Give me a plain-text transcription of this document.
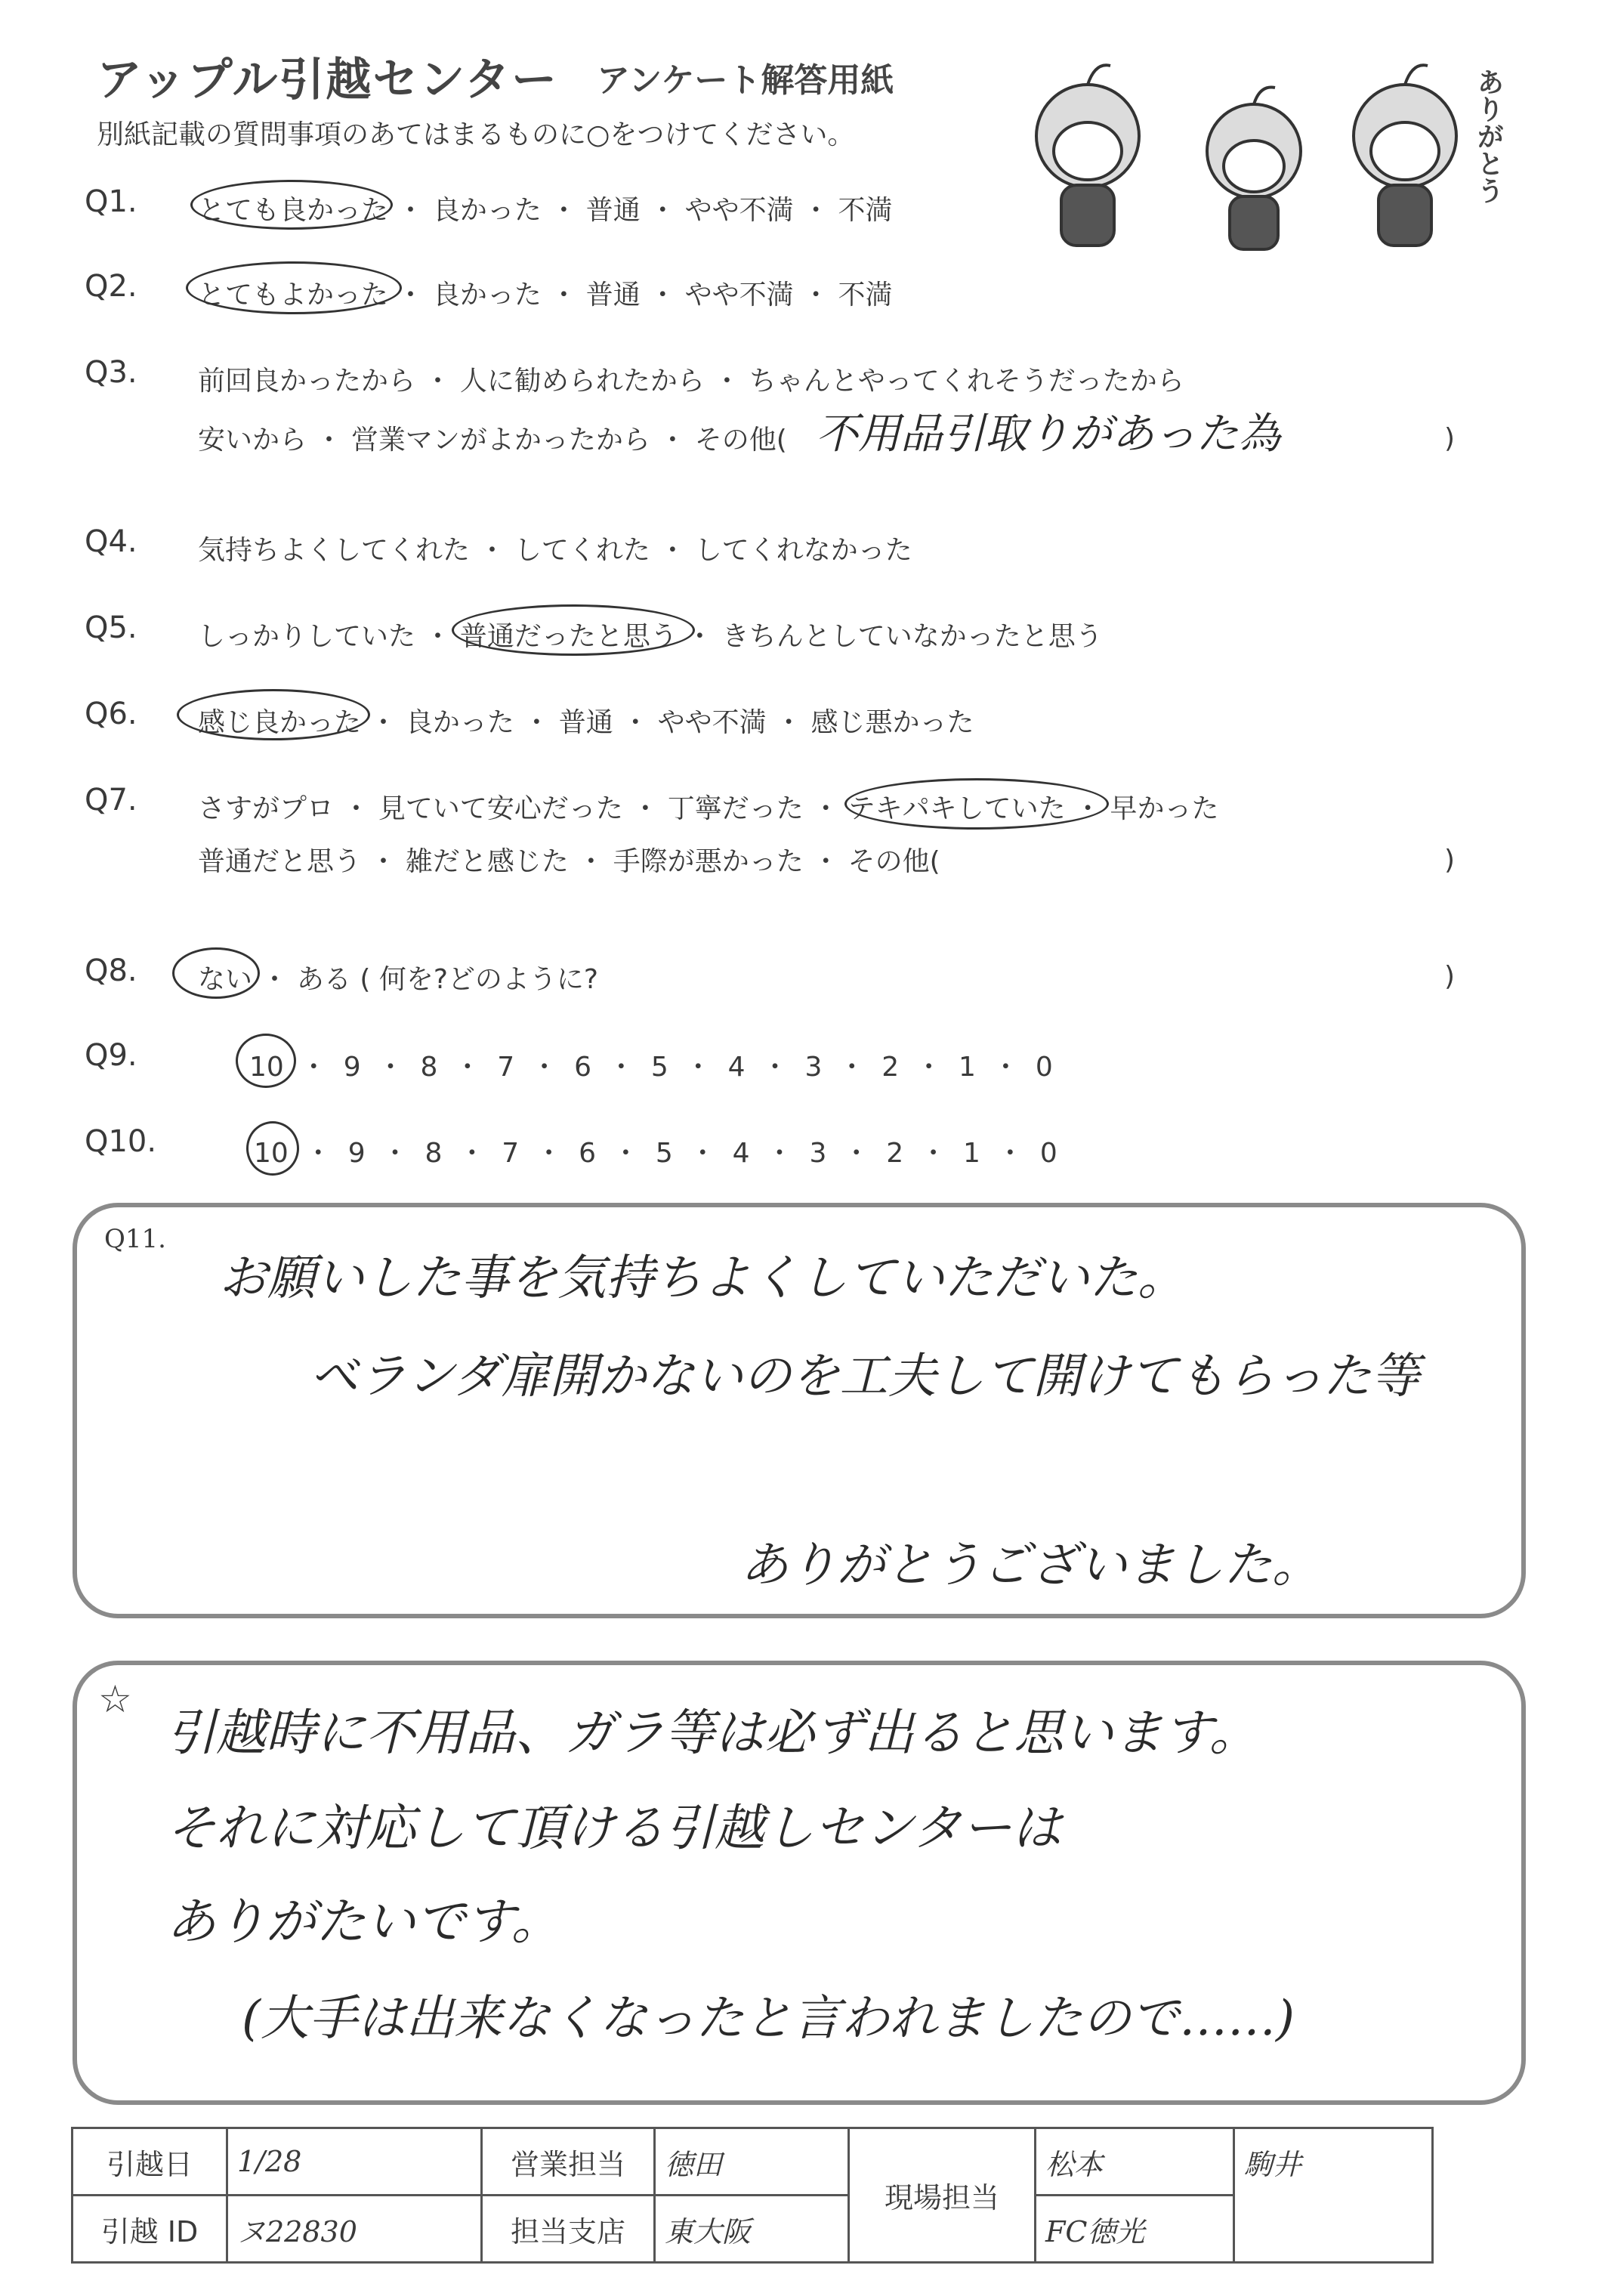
アップル引越センター アンケート解答用紙
別紙記載の質問事項のあてはまるものに○をつけてください。	ありがとう
Q1. とても良かった ・ 良かった ・ 普通 ・ やや不満 ・ 不満
Q2. とてもよかった ・ 良かった ・ 普通 ・ やや不満 ・ 不満
Q3. 前回良かったから ・ 人に勧められたから ・ ちゃんとやってくれそうだったから
安いから ・ 営業マンがよかったから ・ その他( 不用品引取りがあった為	)
Q4. 気持ちよくしてくれた ・ してくれた ・ してくれなかった
Q5. しっかりしていた ・ 普通だったと思う ・ きちんとしていなかったと思う
Q6. 感じ良かった ・ 良かった ・ 普通 ・ やや不満 ・ 感じ悪かった
Q7. さすがプロ ・ 見ていて安心だった ・ 丁寧だった ・ テキパキしていた ・ 早かった
普通だと思う ・ 雑だと感じた ・ 手際が悪かった ・ その他(	)
Q8. ない ・ ある ( 何を?どのように?	)
Q9.	10 ・ 9 ・ 8 ・ 7 ・ 6 ・ 5 ・ 4 ・ 3 ・ 2 ・ 1 ・ 0
Q10.	10 ・ 9 ・ 8 ・ 7 ・ 6 ・ 5 ・ 4 ・ 3 ・ 2 ・ 1 ・ 0
Q11.
お願いした事を気持ちよくしていただいた。
ベランダ扉開かないのを工夫して開けてもらった等
ありがとうございました。
☆
引越時に不用品、ガラ等は必ず出ると思います。
それに対応して頂ける引越しセンターは
ありがたいです。
(大手は出来なくなったと言われましたので……)
引越日	1/28	営業担当	徳田	現場担当	松本	駒井
引越 ID	ヌ22830	担当支店	東大阪		FC徳光	
